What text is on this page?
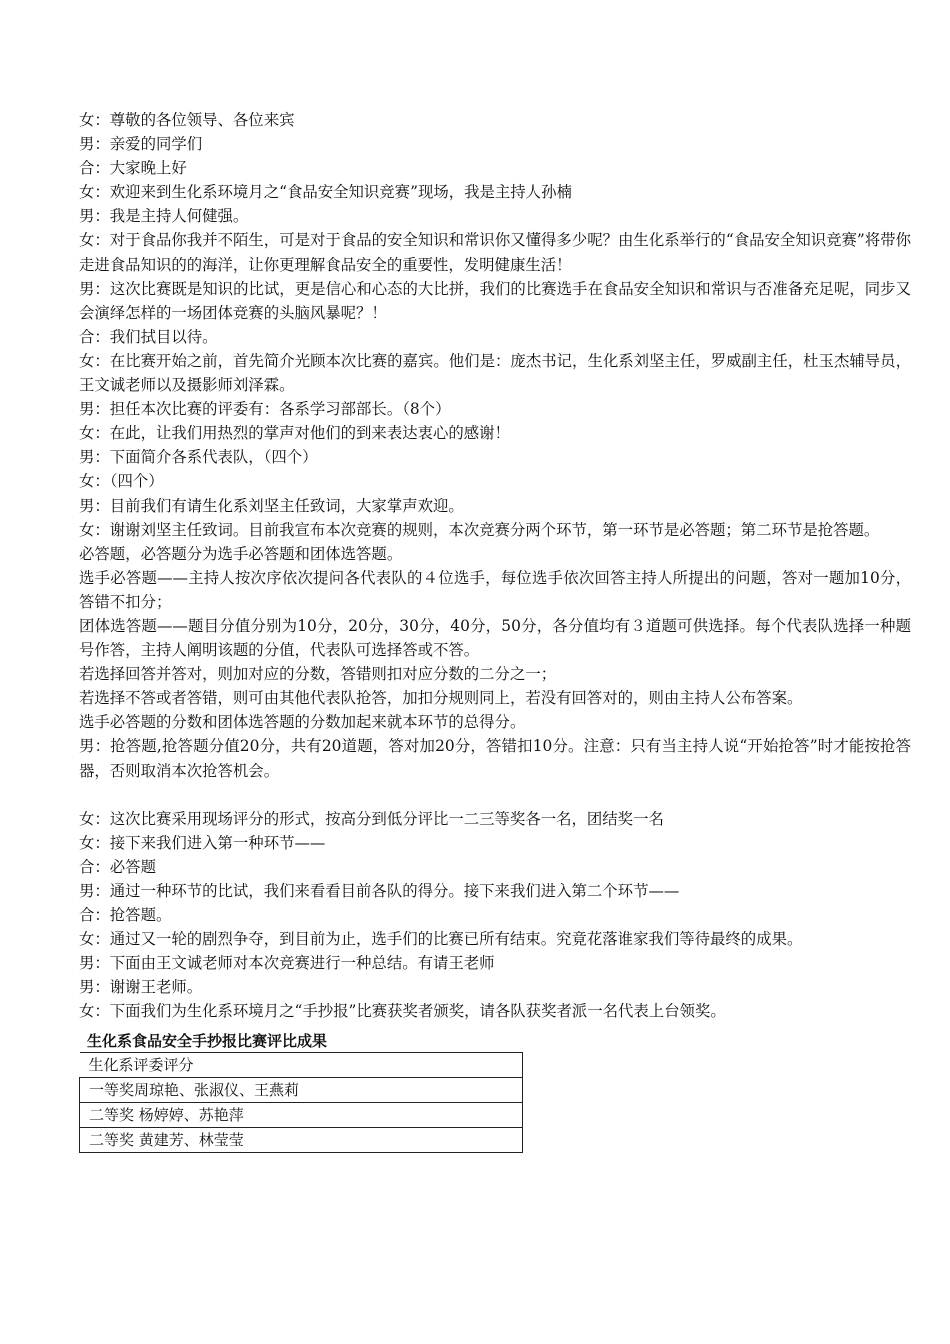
女：尊敬的各位领导、各位来宾

男：亲爱的同学们

合：大家晚上好

女：欢迎来到生化系环境月之“食品安全知识竞赛”现场，我是主持人孙楠

男：我是主持人何健强。

女：对于食品你我并不陌生，可是对于食品的安全知识和常识你又懂得多少呢？由生化系举行的“食品安全知识竞赛”将带你走进食品知识的的海洋，让你更理解食品安全的重要性，发明健康生活！

男：这次比赛既是知识的比试，更是信心和心态的大比拼，我们的比赛选手在食品安全知识和常识与否准备充足呢，同步又会演绎怎样的一场团体竞赛的头脑风暴呢？！

合：我们拭目以待。

女：在比赛开始之前，首先简介光顾本次比赛的嘉宾。他们是：庞杰书记，生化系刘坚主任，罗威副主任，杜玉杰辅导员，王文诚老师以及摄影师刘泽霖。

男：担任本次比赛的评委有：各系学习部部长。（8个）

女：在此，让我们用热烈的掌声对他们的到来表达衷心的感谢！

男：下面简介各系代表队，（四个）

女：（四个）

男：目前我们有请生化系刘坚主任致词，大家掌声欢迎。

女：谢谢刘坚主任致词。目前我宣布本次竞赛的规则，本次竞赛分两个环节，第一环节是必答题；第二环节是抢答题。

必答题，必答题分为选手必答题和团体选答题。

选手必答题——主持人按次序依次提问各代表队的４位选手，每位选手依次回答主持人所提出的问题，答对一题加10分，答错不扣分；

团体选答题——题目分值分别为10分，20分，30分，40分，50分，各分值均有３道题可供选择。每个代表队选择一种题号作答，主持人阐明该题的分值，代表队可选择答或不答。

若选择回答并答对，则加对应的分数，答错则扣对应分数的二分之一；

若选择不答或者答错，则可由其他代表队抢答，加扣分规则同上，若没有回答对的，则由主持人公布答案。

选手必答题的分数和团体选答题的分数加起来就本环节的总得分。

男：抢答题,抢答题分值20分，共有20道题，答对加20分，答错扣10分。注意：只有当主持人说“开始抢答”时才能按抢答器，否则取消本次抢答机会。

女：这次比赛采用现场评分的形式，按高分到低分评比一二三等奖各一名，团结奖一名

女：接下来我们进入第一种环节——

合：必答题

男：通过一种环节的比试，我们来看看目前各队的得分。接下来我们进入第二个环节——

合：抢答题。

女：通过又一轮的剧烈争夺，到目前为止，选手们的比赛已所有结束。究竟花落谁家我们等待最终的成果。

男：下面由王文诚老师对本次竞赛进行一种总结。有请王老师

男：谢谢王老师。

女：下面我们为生化系环境月之“手抄报”比赛获奖者颁奖，请各队获奖者派一名代表上台领奖。

生化系食品安全手抄报比赛评比成果
生化系评委评分
一等奖周琼艳、张淑仪、王燕莉
二等奖 杨婷婷、苏艳萍
二等奖 黄建芳、林莹莹
